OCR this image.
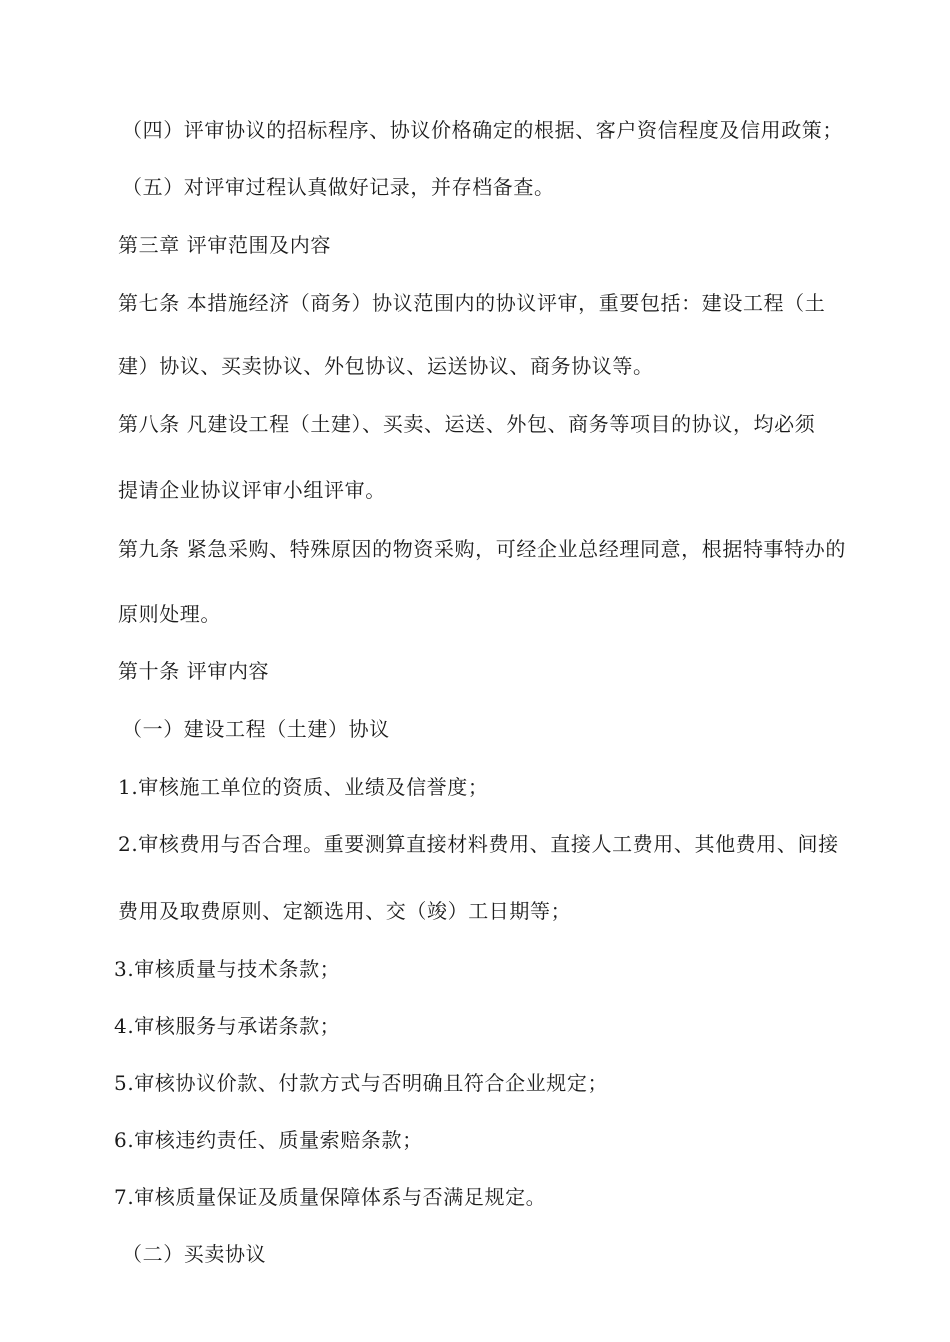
（四）评审协议的招标程序、协议价格确定的根据、客户资信程度及信用政策；
（五）对评审过程认真做好记录，并存档备查。
第三章 评审范围及内容
第七条 本措施经济（商务）协议范围内的协议评审，重要包括：建设工程（土
建）协议、买卖协议、外包协议、运送协议、商务协议等。
第八条 凡建设工程（土建）、买卖、运送、外包、商务等项目的协议，均必须
提请企业协议评审小组评审。
第九条 紧急采购、特殊原因的物资采购，可经企业总经理同意，根据特事特办的
原则处理。
第十条 评审内容
（一）建设工程（土建）协议
1.审核施工单位的资质、业绩及信誉度；
2.审核费用与否合理。重要测算直接材料费用、直接人工费用、其他费用、间接
费用及取费原则、定额选用、交（竣）工日期等；
3.审核质量与技术条款；
4.审核服务与承诺条款；
5.审核协议价款、付款方式与否明确且符合企业规定；
6.审核违约责任、质量索赔条款；
7.审核质量保证及质量保障体系与否满足规定。
（二）买卖协议
